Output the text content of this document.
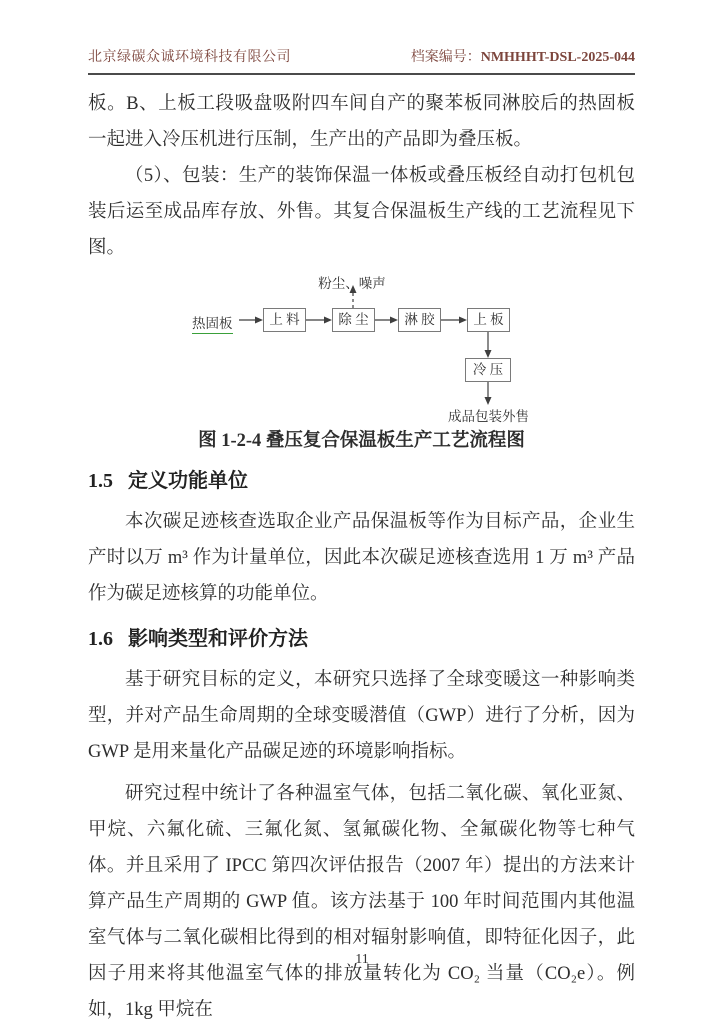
北京绿碳众诚环境科技有限公司	档案编号：NMHHHT-DSL-2025-044

板。B、上板工段吸盘吸附四车间自产的聚苯板同淋胶后的热固板一起进入冷压机进行压制，生产出的产品即为叠压板。

（5）、包装：生产的装饰保温一体板或叠压板经自动打包机包装后运至成品库存放、外售。其复合保温板生产线的工艺流程见下图。

粉尘、噪声
热固板	上 料	除 尘	淋 胶	上 板
冷 压
成品包装外售
图 1-2-4 叠压复合保温板生产工艺流程图
1.5 定义功能单位

本次碳足迹核查选取企业产品保温板等作为目标产品，企业生产时以万 m³ 作为计量单位，因此本次碳足迹核查选用 1 万 m³ 产品作为碳足迹核算的功能单位。

1.6 影响类型和评价方法

基于研究目标的定义，本研究只选择了全球变暖这一种影响类型，并对产品生命周期的全球变暖潜值（GWP）进行了分析，因为 GWP 是用来量化产品碳足迹的环境影响指标。

研究过程中统计了各种温室气体，包括二氧化碳、氧化亚氮、甲烷、六氟化硫、三氟化氮、氢氟碳化物、全氟碳化物等七种气体。并且采用了 IPCC 第四次评估报告（2007 年）提出的方法来计算产品生产周期的 GWP 值。该方法基于 100 年时间范围内其他温室气体与二氧化碳相比得到的相对辐射影响值，即特征化因子，此因子用来将其他温室气体的排放量转化为 CO₂ 当量（CO₂e）。例如，1kg 甲烷在

11
